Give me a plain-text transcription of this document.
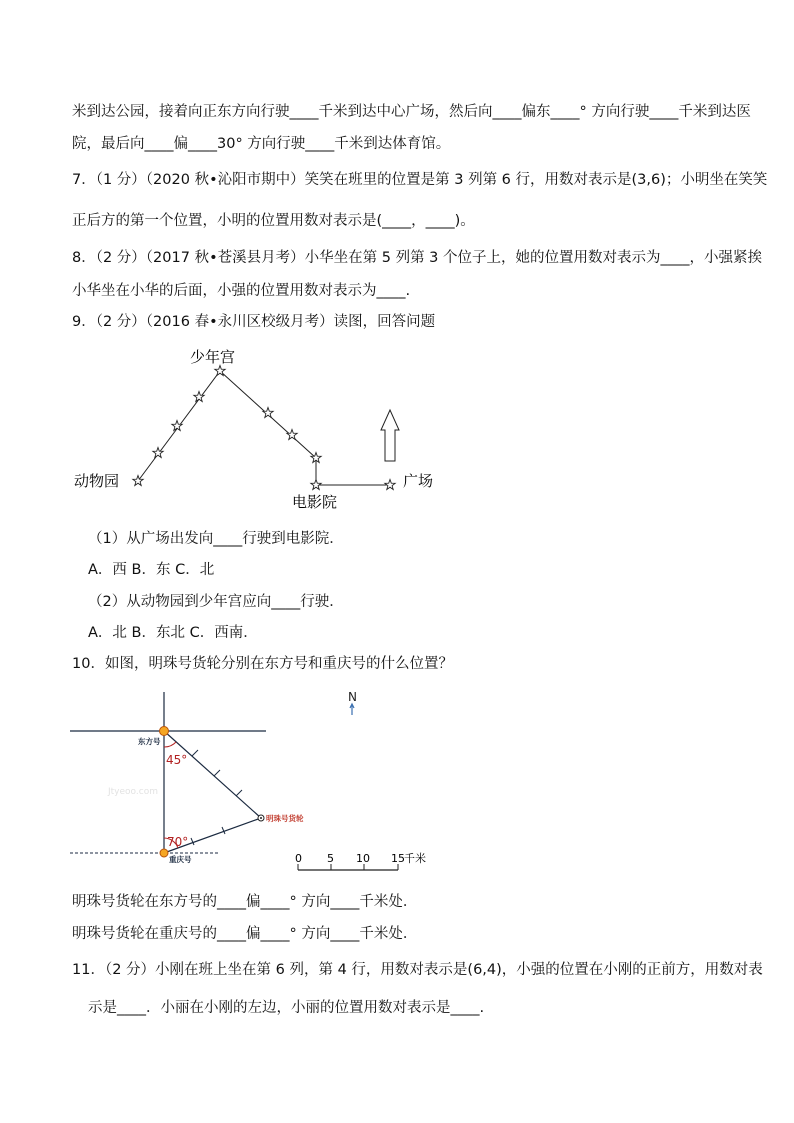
米到达公园，接着向正东方向行驶____千米到达中心广场，然后向____偏东____° 方向行驶____千米到达医
院，最后向____偏____30° 方向行驶____千米到达体育馆。
7．（1 分）（2020 秋•沁阳市期中）笑笑在班里的位置是第 3 列第 6 行，用数对表示是(3,6)；小明坐在笑笑
正后方的第一个位置，小明的位置用数对表示是(____，____)。
8．（2 分）（2017 秋•苍溪县月考）小华坐在第 5 列第 3 个位子上，她的位置用数对表示为____，小强紧挨
小华坐在小华的后面，小强的位置用数对表示为____.
9．（2 分）（2016 春•永川区校级月考）读图，回答问题
少年宫
动物园
电影院
广场
（1）从广场出发向____行驶到电影院．
A．西 B．东 C．北
（2）从动物园到少年宫应向____行驶．
A．北 B．东北 C．西南．
10．如图，明珠号货轮分别在东方号和重庆号的什么位置？
Jtyeoo.com
45°
70°
东方号
重庆号
明珠号货轮
N
0 5 10 15 千米
明珠号货轮在东方号的____偏____° 方向____千米处．
明珠号货轮在重庆号的____偏____° 方向____千米处．
11．（2 分）小刚在班上坐在第 6 列，第 4 行，用数对表示是(6,4)，小强的位置在小刚的正前方，用数对表
示是____．小丽在小刚的左边，小丽的位置用数对表示是____.
